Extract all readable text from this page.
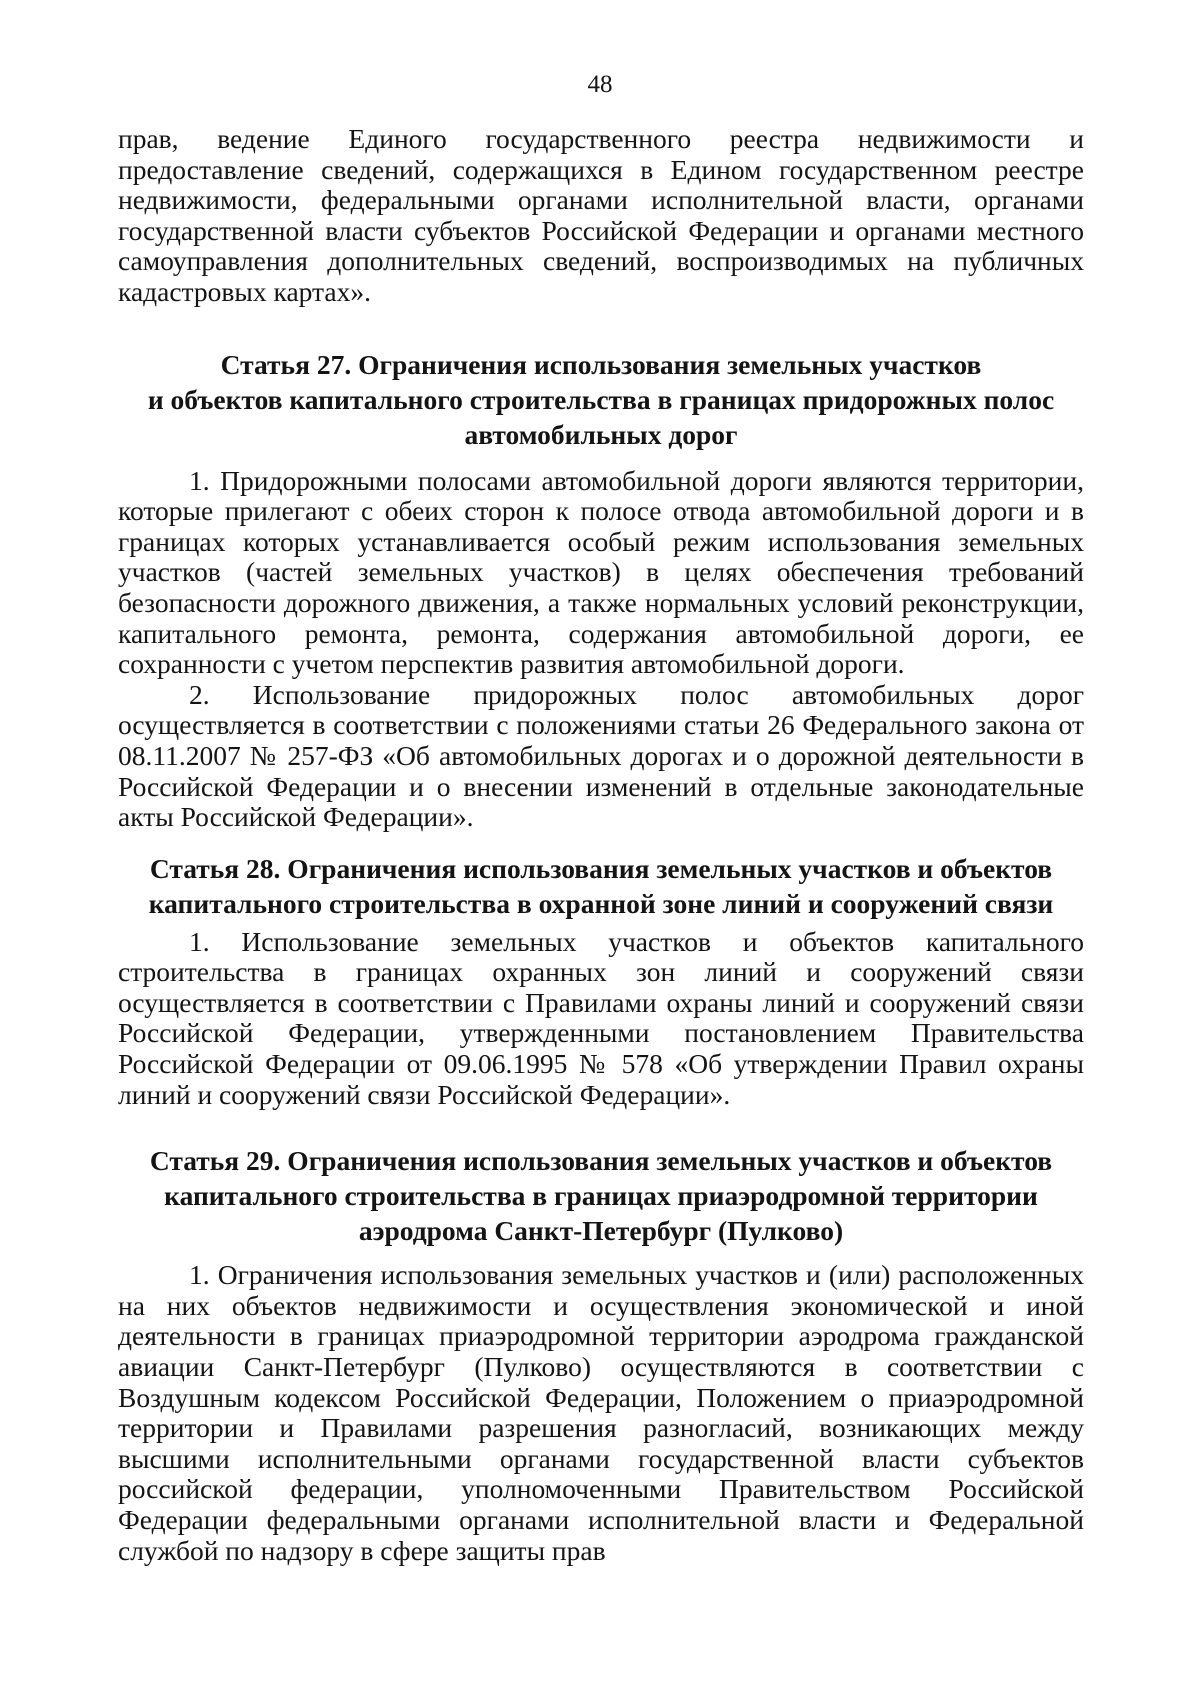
48

прав, ведение Единого государственного реестра недвижимости и предоставление сведений, содержащихся в Едином государственном реестре недвижимости, федеральными органами исполнительной власти, органами государственной власти субъектов Российской Федерации и органами местного самоуправления дополнительных сведений, воспроизводимых на публичных кадастровых картах».

Статья 27. Ограничения использования земельных участков
и объектов капитального строительства в границах придорожных полос
автомобильных дорог

1. Придорожными полосами автомобильной дороги являются территории, которые прилегают с обеих сторон к полосе отвода автомобильной дороги и в границах которых устанавливается особый режим использования земельных участков (частей земельных участков) в целях обеспечения требований безопасности дорожного движения, а также нормальных условий реконструкции, капитального ремонта, ремонта, содержания автомобильной дороги, ее сохранности с учетом перспектив развития автомобильной дороги.

2. Использование придорожных полос автомобильных дорог осуществляется в соответствии с положениями статьи 26 Федерального закона от 08.11.2007 № 257-ФЗ «Об автомобильных дорогах и о дорожной деятельности в Российской Федерации и о внесении изменений в отдельные законодательные акты Российской Федерации».

Статья 28. Ограничения использования земельных участков и объектов
капитального строительства в охранной зоне линий и сооружений связи

1. Использование земельных участков и объектов капитального строительства в границах охранных зон линий и сооружений связи осуществляется в соответствии с Правилами охраны линий и сооружений связи Российской Федерации, утвержденными постановлением Правительства Российской Федерации от 09.06.1995 № 578 «Об утверждении Правил охраны линий и сооружений связи Российской Федерации».

Статья 29. Ограничения использования земельных участков и объектов
капитального строительства в границах приаэродромной территории
аэродрома Санкт-Петербург (Пулково)

1. Ограничения использования земельных участков и (или) расположенных на них объектов недвижимости и осуществления экономической и иной деятельности в границах приаэродромной территории аэродрома гражданской авиации Санкт-Петербург (Пулково) осуществляются в соответствии с Воздушным кодексом Российской Федерации, Положением о приаэродромной территории и Правилами разрешения разногласий, возникающих между высшими исполнительными органами государственной власти субъектов российской федерации, уполномоченными Правительством Российской Федерации федеральными органами исполнительной власти и Федеральной службой по надзору в сфере защиты прав
